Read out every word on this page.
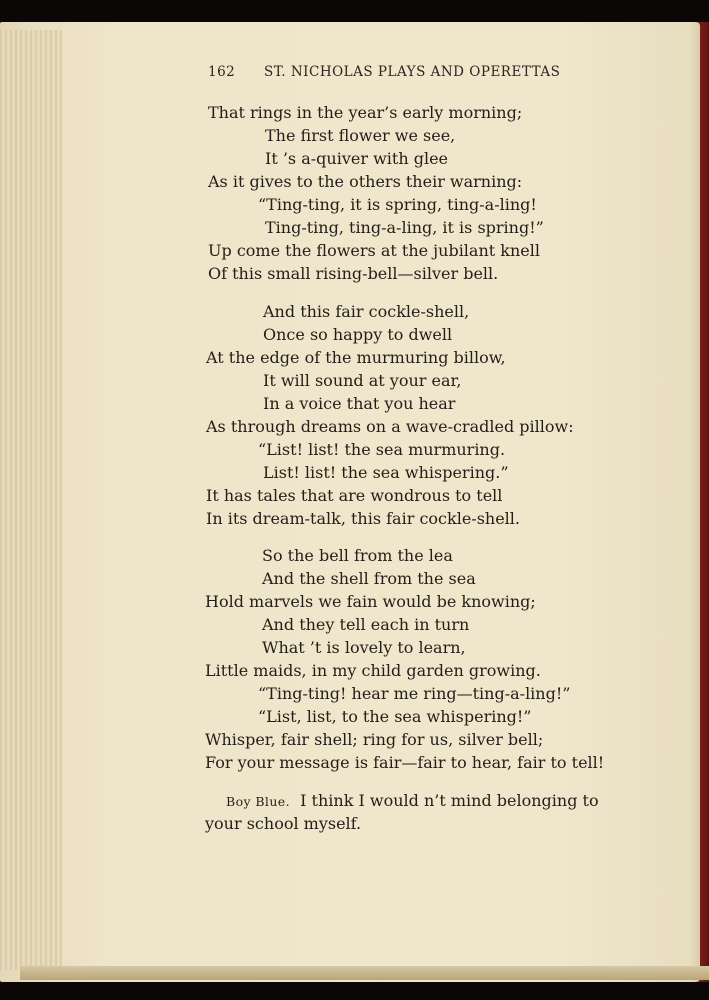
162 ST. NICHOLAS PLAYS AND OPERETTAS
That rings in the year’s early morning;
The first flower we see,
It ’s a-quiver with glee
As it gives to the others their warning:
“Ting-ting, it is spring, ting-a-ling!
Ting-ting, ting-a-ling, it is spring!”
Up come the flowers at the jubilant knell
Of this small rising-bell—silver bell.
And this fair cockle-shell,
Once so happy to dwell
At the edge of the murmuring billow,
It will sound at your ear,
In a voice that you hear
As through dreams on a wave-cradled pillow:
“List! list! the sea murmuring.
List! list! the sea whispering.”
It has tales that are wondrous to tell
In its dream-talk, this fair cockle-shell.
So the bell from the lea
And the shell from the sea
Hold marvels we fain would be knowing;
And they tell each in turn
What ’t is lovely to learn,
Little maids, in my child garden growing.
“Ting-ting! hear me ring—ting-a-ling!”
“List, list, to the sea whispering!”
Whisper, fair shell; ring for us, silver bell;
For your message is fair—fair to hear, fair to tell!
Boy Blue. I think I would n’t mind belonging to
your school myself.
